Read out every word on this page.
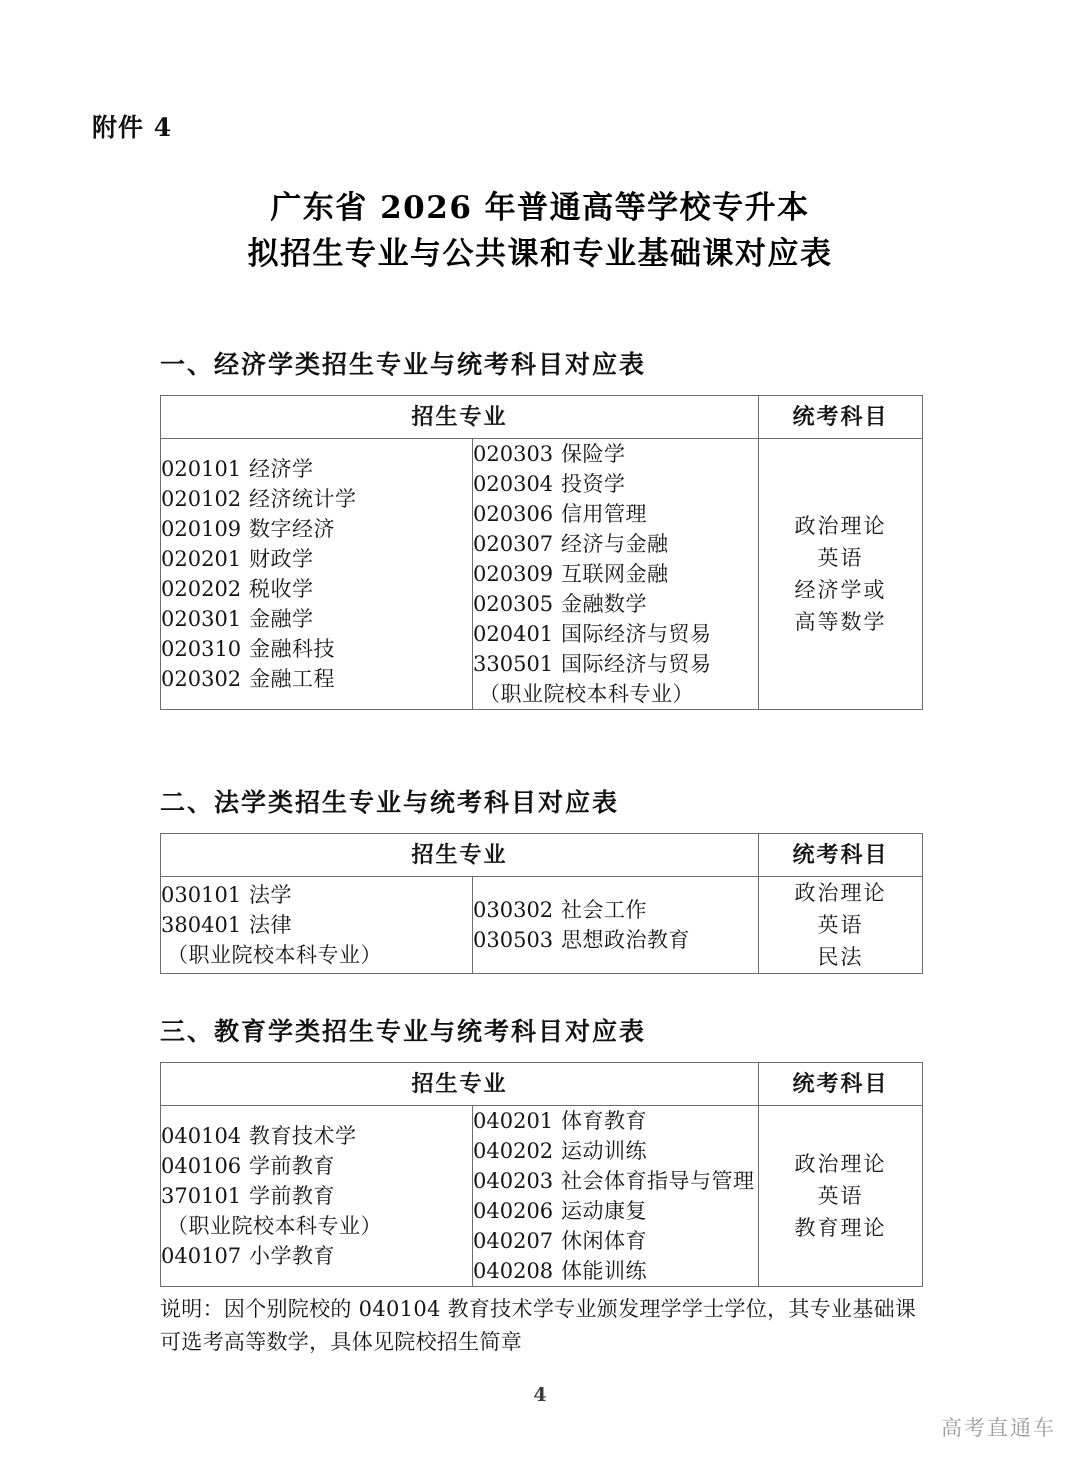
附件 4
广东省 2026 年普通高等学校专升本
拟招生专业与公共课和专业基础课对应表
一、经济学类招生专业与统考科目对应表
招生专业		统考科目

020101 经济学
020102 经济统计学
020109 数字经济
020201 财政学
020202 税收学
020301 金融学
020310 金融科技
020302 金融工程

020303 保险学
020304 投资学
020306 信用管理
020307 经济与金融
020309 互联网金融
020305 金融数学
020401 国际经济与贸易
330501 国际经济与贸易
（职业院校本科专业）

政治理论
英语
经济学或
高等数学
二、法学类招生专业与统考科目对应表
招生专业		统考科目

030101 法学
380401 法律
（职业院校本科专业）

030302 社会工作
030503 思想政治教育

政治理论
英语
民法
三、教育学类招生专业与统考科目对应表
招生专业		统考科目

040104 教育技术学
040106 学前教育
370101 学前教育
（职业院校本科专业）
040107 小学教育

040201 体育教育
040202 运动训练
040203 社会体育指导与管理
040206 运动康复
040207 休闲体育
040208 体能训练

政治理论
英语
教育理论
说明：因个别院校的 040104 教育技术学专业颁发理学学士学位，其专业基础课可选考高等数学，具体见院校招生简章
4
高考直通车
